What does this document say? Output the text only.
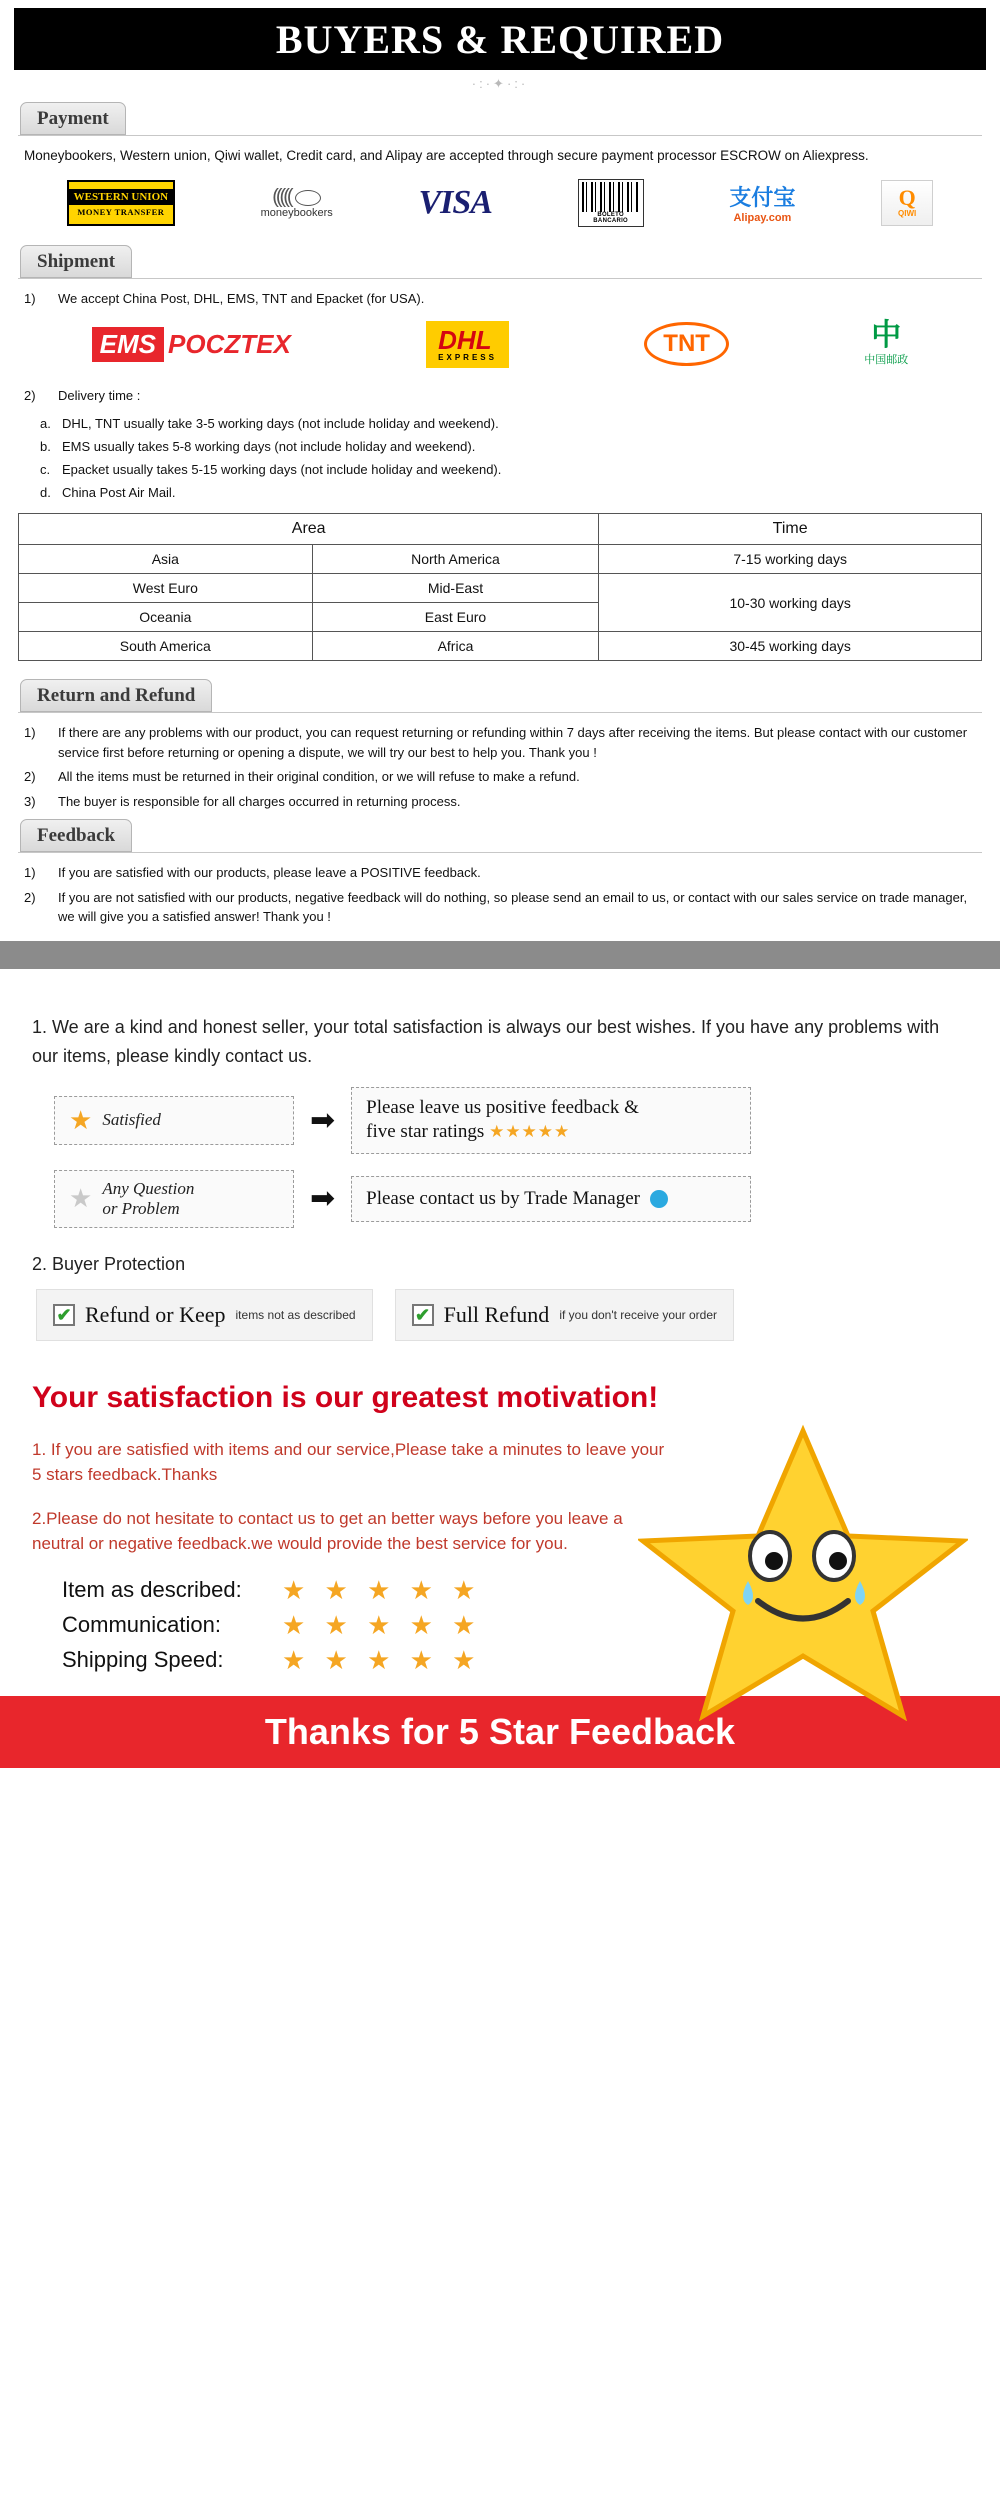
BUYERS & REQUIRED
·:·✦·:·
Payment
Moneybookers, Western union, Qiwi wallet, Credit card, and Alipay are accepted through secure payment processor ESCROW on Aliexpress.
WESTERN UNION
MONEY TRANSFER
(((((
moneybookers	VISA	BOLETO
BANCARIO
支付宝
Alipay.com
Q
QIWI
Shipment
1)	We accept China Post, DHL, EMS, TNT and Epacket (for USA).
EMS POCZTEX	DHL
EXPRESS	TNT	中
中国邮政
2)	Delivery time :
a. DHL, TNT usually take 3-5 working days (not include holiday and weekend).
b. EMS usually takes 5-8 working days (not include holiday and weekend).
c. Epacket usually takes 5-15 working days (not include holiday and weekend).
d. China Post Air Mail.
Area		Time
Asia	North America	7-15 working days
West Euro	Mid-East	10-30 working days
Oceania	East Euro	
South America	Africa	30-45 working days
Return and Refund
1)	If there are any problems with our product, you can request returning or refunding within 7 days after receiving the items. But please contact with our customer service first before returning or opening a dispute, we will try our best to help you. Thank you !
2)	All the items must be returned in their original condition, or we will refuse to make a refund.
3)	The buyer is responsible for all charges occurred in returning process.
Feedback
1)	If you are satisfied with our products, please leave a POSITIVE feedback.
2)	If you are not satisfied with our products, negative feedback will do nothing, so please send an email to us, or contact with our sales service on trade manager, we will give you a satisfied answer! Thank you !
1. We are a kind and honest seller, your total satisfaction is always our best wishes. If you have any problems with our items, please kindly contact us.
★ Satisfied	➡ Please leave us positive feedback &
five star ratings ★★★★★
★ Any Question
or Problem	➡ Please contact us by Trade Manager
2. Buyer Protection
✔ Refund or Keep items not as described	✔ Full Refund if you don't receive your order
Your satisfaction is our greatest motivation!

1. If you are satisfied with items and our service,Please take a minutes to leave your 5 stars feedback.Thanks

2.Please do not hesitate to contact us to get an better ways before you leave a neutral or negative feedback.we would provide the best service for you.

Item as described:	★ ★ ★ ★ ★
Communication:	★ ★ ★ ★ ★
Shipping Speed:	★ ★ ★ ★ ★
Thanks for 5 Star Feedback
